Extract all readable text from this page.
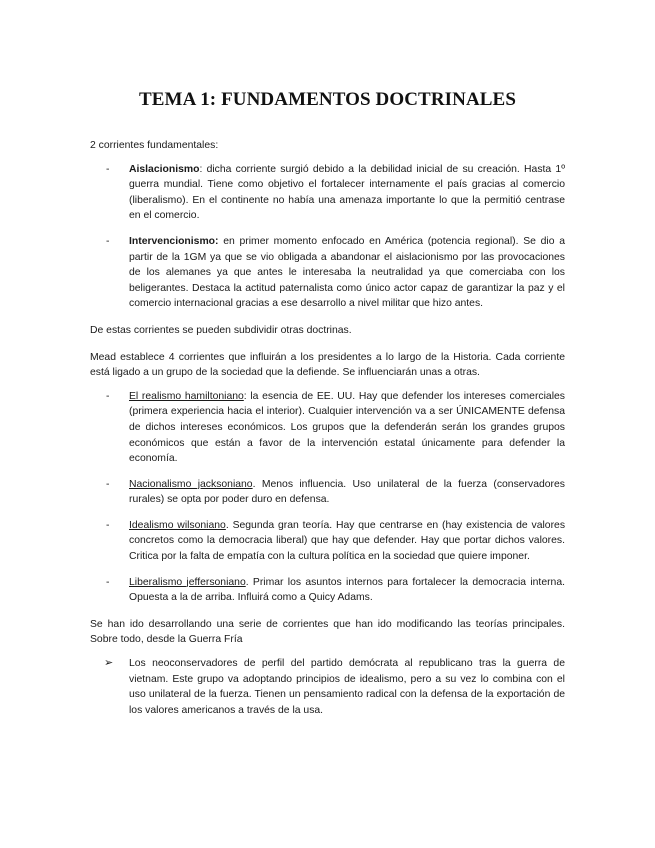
TEMA 1: FUNDAMENTOS DOCTRINALES

2 corrientes fundamentales:

- Aislacionismo: dicha corriente surgió debido a la debilidad inicial de su creación. Hasta 1º guerra mundial. Tiene como objetivo el fortalecer internamente el país gracias al comercio (liberalismo). En el continente no había una amenaza importante lo que la permitió centrase en el comercio.
- Intervencionismo: en primer momento enfocado en América (potencia regional). Se dio a partir de la 1GM ya que se vio obligada a abandonar el aislacionismo por las provocaciones de los alemanes ya que antes le interesaba la neutralidad ya que comerciaba con los beligerantes. Destaca la actitud paternalista como único actor capaz de garantizar la paz y el comercio internacional gracias a ese desarrollo a nivel militar que hizo antes.

De estas corrientes se pueden subdividir otras doctrinas.

Mead establece 4 corrientes que influirán a los presidentes a lo largo de la Historia. Cada corriente está ligado a un grupo de la sociedad que la defiende. Se influenciarán unas a otras.

- El realismo hamiltoniano: la esencia de EE. UU. Hay que defender los intereses comerciales (primera experiencia hacia el interior). Cualquier intervención va a ser ÚNICAMENTE defensa de dichos intereses económicos. Los grupos que la defenderán serán los grandes grupos económicos que están a favor de la intervención estatal únicamente para defender la economía.
- Nacionalismo jacksoniano. Menos influencia. Uso unilateral de la fuerza (conservadores rurales) se opta por poder duro en defensa.
- Idealismo wilsoniano. Segunda gran teoría. Hay que centrarse en (hay existencia de valores concretos como la democracia liberal) que hay que defender. Hay que portar dichos valores. Critica por la falta de empatía con la cultura política en la sociedad que quiere imponer.
- Liberalismo jeffersoniano. Primar los asuntos internos para fortalecer la democracia interna. Opuesta a la de arriba. Influirá como a Quicy Adams.

Se han ido desarrollando una serie de corrientes que han ido modificando las teorías principales. Sobre todo, desde la Guerra Fría

➢ Los neoconservadores de perfil del partido demócrata al republicano tras la guerra de vietnam. Este grupo va adoptando principios de idealismo, pero a su vez lo combina con el uso unilateral de la fuerza. Tienen un pensamiento radical con la defensa de la exportación de los valores americanos a través de la usa.
